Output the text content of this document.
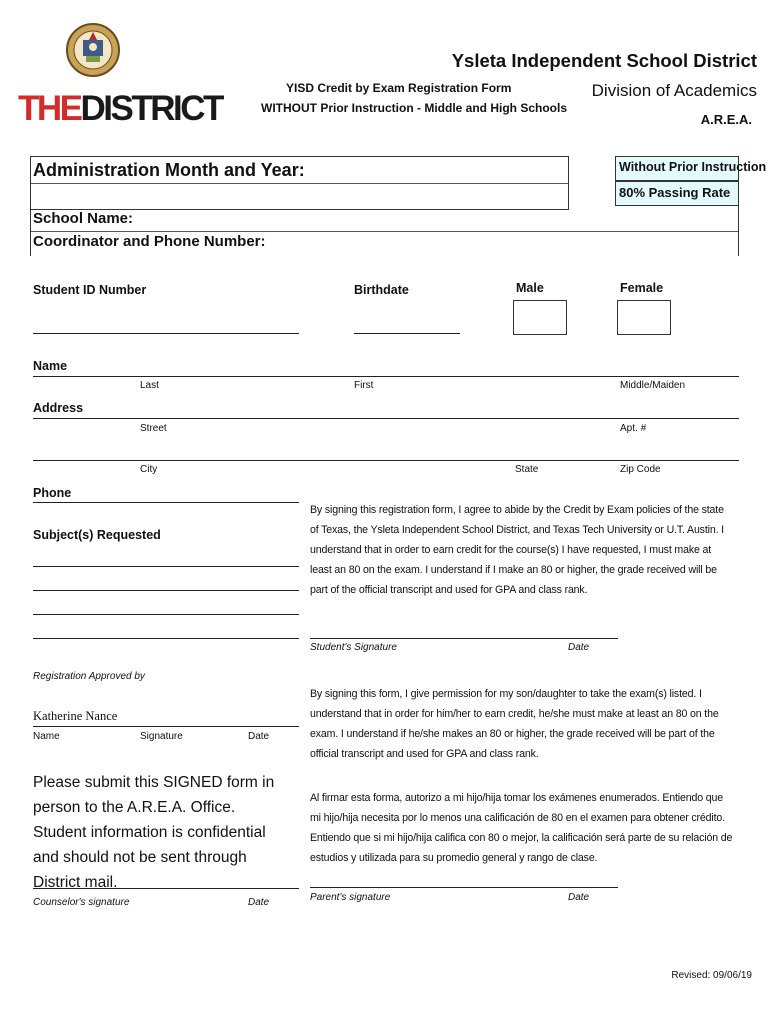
THEDISTRICT
YISD Credit by Exam Registration Form
WITHOUT Prior Instruction - Middle and High Schools
Ysleta Independent School District
Division of Academics
A.R.E.A.
Administration Month and Year:	Without Prior Instruction
80% Passing Rate
School Name:
Coordinator and Phone Number:
Student ID Number	Birthdate	Male	Female
Name
Last	First	Middle/Maiden
Address
Street	Apt. #
City	State	Zip Code
Phone
Subject(s) Requested
By signing this registration form, I agree to abide by the Credit by Exam policies of the state of Texas, the Ysleta Independent School District, and Texas Tech University or U.T. Austin. I understand that in order to earn credit for the course(s) I have requested, I must make at least an 80 on the exam. I understand if I make an 80 or higher, the grade received will be part of the official transcript and used for GPA and class rank.
Student's Signature	Date
Registration Approved by
Katherine Nance
Name	Signature	Date
By signing this form, I give permission for my son/daughter to take the exam(s) listed. I understand that in order for him/her to earn credit, he/she must make at least an 80 on the exam. I understand if he/she makes an 80 or higher, the grade received will be part of the official transcript and used for GPA and class rank.
Al firmar esta forma, autorizo a mi hijo/hija tomar los exámenes enumerados. Entiendo que mi hijo/hija necesita por lo menos una calificación de 80 en el examen para obtener crédito. Entiendo que si mi hijo/hija califica con 80 o mejor, la calificación será parte de su relación de estudios y utilizada para su promedio general y rango de clase.
Please submit this SIGNED form in person to the A.R.E.A. Office. Student information is confidential and should not be sent through District mail.
Counselor's signature	Date	Parent's signature	Date
Revised: 09/06/19
